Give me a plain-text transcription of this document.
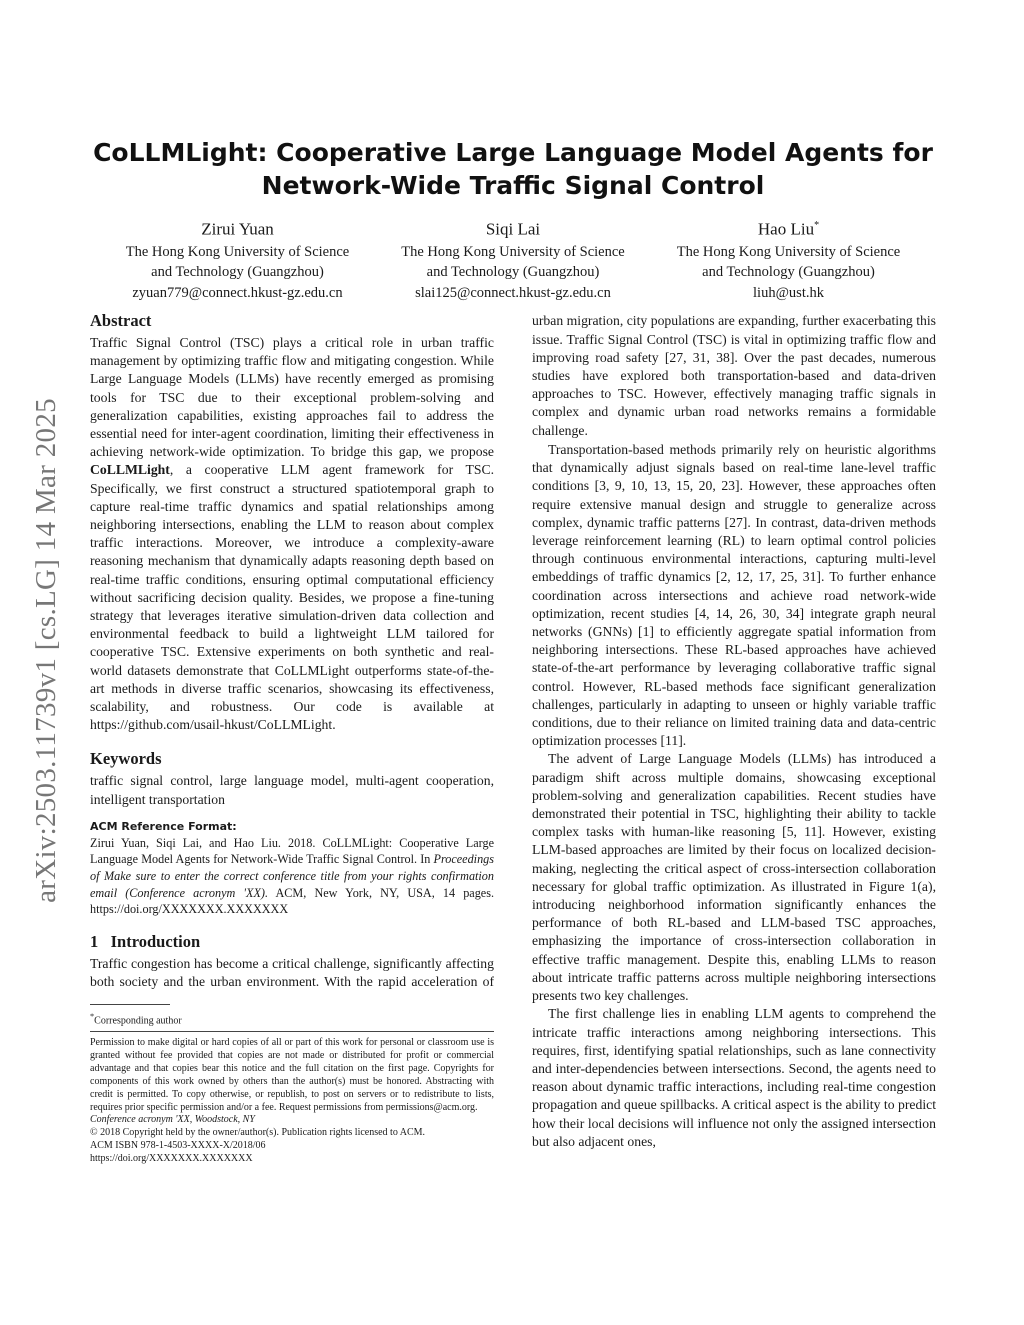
arXiv:2503.11739v1 [cs.LG] 14 Mar 2025
CoLLMLight: Cooperative Large Language Model Agents for Network-Wide Traffic Signal Control
Zirui Yuan
The Hong Kong University of Science
and Technology (Guangzhou)
zyuan779@connect.hkust-gz.edu.cn
Siqi Lai
The Hong Kong University of Science
and Technology (Guangzhou)
slai125@connect.hkust-gz.edu.cn
Hao Liu*
The Hong Kong University of Science
and Technology (Guangzhou)
liuh@ust.hk
Abstract

Traffic Signal Control (TSC) plays a critical role in urban traffic management by optimizing traffic flow and mitigating congestion. While Large Language Models (LLMs) have recently emerged as promising tools for TSC due to their exceptional problem-solving and generalization capabilities, existing approaches fail to address the essential need for inter-agent coordination, limiting their effectiveness in achieving network-wide optimization. To bridge this gap, we propose CoLLMLight, a cooperative LLM agent framework for TSC. Specifically, we first construct a structured spatiotemporal graph to capture real-time traffic dynamics and spatial relationships among neighboring intersections, enabling the LLM to reason about complex traffic interactions. Moreover, we introduce a complexity-aware reasoning mechanism that dynamically adapts reasoning depth based on real-time traffic conditions, ensuring optimal computational efficiency without sacrificing decision quality. Besides, we propose a fine-tuning strategy that leverages iterative simulation-driven data collection and environmental feedback to build a lightweight LLM tailored for cooperative TSC. Extensive experiments on both synthetic and real-world datasets demonstrate that CoLLMLight outperforms state-of-the-art methods in diverse traffic scenarios, showcasing its effectiveness, scalability, and robustness. Our code is available at https://github.com/usail-hkust/CoLLMLight.

Keywords

traffic signal control, large language model, multi-agent cooperation, intelligent transportation

ACM Reference Format:

Zirui Yuan, Siqi Lai, and Hao Liu. 2018. CoLLMLight: Cooperative Large Language Model Agents for Network-Wide Traffic Signal Control. In Proceedings of Make sure to enter the correct conference title from your rights confirmation email (Conference acronym 'XX). ACM, New York, NY, USA, 14 pages. https://doi.org/XXXXXXX.XXXXXXX

1   Introduction

Traffic congestion has become a critical challenge, significantly affecting both society and the urban environment. With the rapid acceleration of

*Corresponding author

Permission to make digital or hard copies of all or part of this work for personal or classroom use is granted without fee provided that copies are not made or distributed for profit or commercial advantage and that copies bear this notice and the full citation on the first page. Copyrights for components of this work owned by others than the author(s) must be honored. Abstracting with credit is permitted. To copy otherwise, or republish, to post on servers or to redistribute to lists, requires prior specific permission and/or a fee. Request permissions from permissions@acm.org.

Conference acronym 'XX, Woodstock, NY

© 2018 Copyright held by the owner/author(s). Publication rights licensed to ACM.

ACM ISBN 978-1-4503-XXXX-X/2018/06

https://doi.org/XXXXXXX.XXXXXXX

urban migration, city populations are expanding, further exacerbating this issue. Traffic Signal Control (TSC) is vital in optimizing traffic flow and improving road safety [27, 31, 38]. Over the past decades, numerous studies have explored both transportation-based and data-driven approaches to TSC. However, effectively managing traffic signals in complex and dynamic urban road networks remains a formidable challenge.

Transportation-based methods primarily rely on heuristic algorithms that dynamically adjust signals based on real-time lane-level traffic conditions [3, 9, 10, 13, 15, 20, 23]. However, these approaches often require extensive manual design and struggle to generalize across complex, dynamic traffic patterns [27]. In contrast, data-driven methods leverage reinforcement learning (RL) to learn optimal control policies through continuous environmental interactions, capturing multi-level embeddings of traffic dynamics [2, 12, 17, 25, 31]. To further enhance coordination across intersections and achieve road network-wide optimization, recent studies [4, 14, 26, 30, 34] integrate graph neural networks (GNNs) [1] to efficiently aggregate spatial information from neighboring intersections. These RL-based approaches have achieved state-of-the-art performance by leveraging collaborative traffic signal control. However, RL-based methods face significant generalization challenges, particularly in adapting to unseen or highly variable traffic conditions, due to their reliance on limited training data and data-centric optimization processes [11].

The advent of Large Language Models (LLMs) has introduced a paradigm shift across multiple domains, showcasing exceptional problem-solving and generalization capabilities. Recent studies have demonstrated their potential in TSC, highlighting their ability to tackle complex tasks with human-like reasoning [5, 11]. However, existing LLM-based approaches are limited by their focus on localized decision-making, neglecting the critical aspect of cross-intersection collaboration necessary for global traffic optimization. As illustrated in Figure 1(a), introducing neighborhood information significantly enhances the performance of both RL-based and LLM-based TSC approaches, emphasizing the importance of cross-intersection collaboration in effective traffic management. Despite this, enabling LLMs to reason about intricate traffic patterns across multiple neighboring intersections presents two key challenges.

The first challenge lies in enabling LLM agents to comprehend the intricate traffic interactions among neighboring intersections. This requires, first, identifying spatial relationships, such as lane connectivity and inter-dependencies between intersections. Second, the agents need to reason about dynamic traffic interactions, including real-time congestion propagation and queue spillbacks. A critical aspect is the ability to predict how their local decisions will influence not only the assigned intersection but also adjacent ones,
